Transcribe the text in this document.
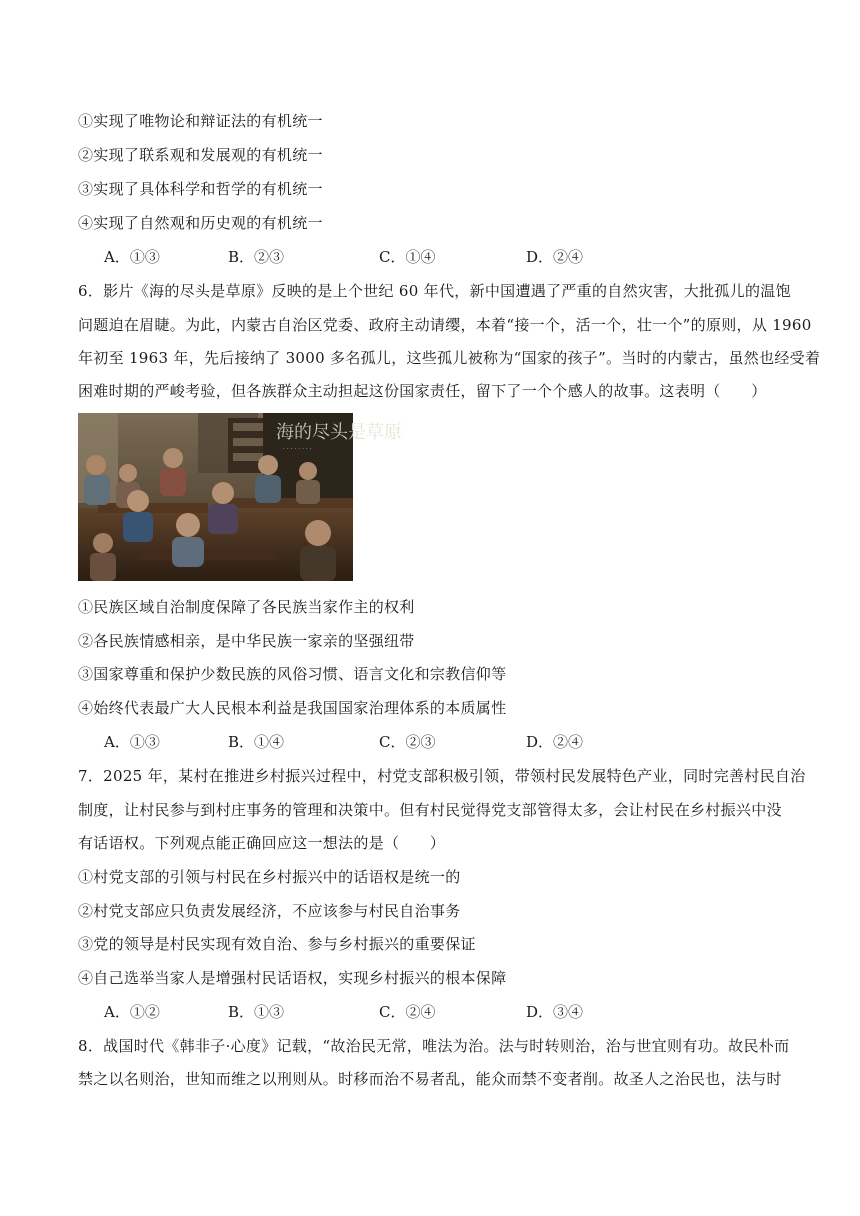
①实现了唯物论和辩证法的有机统一
②实现了联系观和发展观的有机统一
③实现了具体科学和哲学的有机统一
④实现了自然观和历史观的有机统一
A．①③	B．②③	C．①④	D．②④
6．影片《海的尽头是草原》反映的是上个世纪 60 年代，新中国遭遇了严重的自然灾害，大批孤儿的温饱
问题迫在眉睫。为此，内蒙古自治区党委、政府主动请缨，本着“接一个，活一个，壮一个”的原则，从 1960
年初至 1963 年，先后接纳了 3000 多名孤儿，这些孤儿被称为“国家的孩子”。当时的内蒙古，虽然也经受着
困难时期的严峻考验，但各族群众主动担起这份国家责任，留下了一个个感人的故事。这表明（　　）
海的尽头是草原
· · · · · · · ·
①民族区域自治制度保障了各民族当家作主的权利
②各民族情感相亲，是中华民族一家亲的坚强纽带
③国家尊重和保护少数民族的风俗习惯、语言文化和宗教信仰等
④始终代表最广大人民根本利益是我国国家治理体系的本质属性
A．①③	B．①④	C．②③	D．②④
7．2025 年，某村在推进乡村振兴过程中，村党支部积极引领，带领村民发展特色产业，同时完善村民自治
制度，让村民参与到村庄事务的管理和决策中。但有村民觉得党支部管得太多，会让村民在乡村振兴中没
有话语权。下列观点能正确回应这一想法的是（　　）
①村党支部的引领与村民在乡村振兴中的话语权是统一的
②村党支部应只负责发展经济，不应该参与村民自治事务
③党的领导是村民实现有效自治、参与乡村振兴的重要保证
④自己选举当家人是增强村民话语权，实现乡村振兴的根本保障
A．①②	B．①③	C．②④	D．③④
8．战国时代《韩非子·心度》记载，“故治民无常，唯法为治。法与时转则治，治与世宜则有功。故民朴而
禁之以名则治，世知而维之以刑则从。时移而治不易者乱，能众而禁不变者削。故圣人之治民也，法与时
